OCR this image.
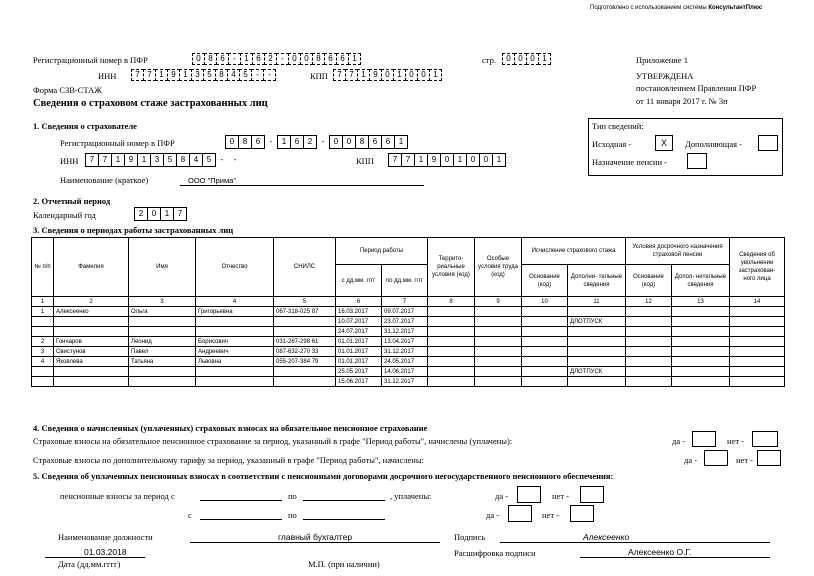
Подготовлено с использованием системы КонсультантПлюс
Регистрационный номер в ПФР	0 8 6	-	1 6 2	-	0 0 8 6 6 1	стр.	0 0 0 1
ИНН	7 7 1 9 1 3 5 8 4 5	-	-	КПП	7 7 1 9 0 1 0 0 1
Форма СЗВ-СТАЖ
Сведения о страховом стаже застрахованных лиц
Приложение 1
УТВЕРЖДЕНА
постановлением Правления ПФР
от 11 января 2017 г. № 3п
1. Сведения о страхователе
Регистрационный номер в ПФР	0	8	6	-	1	6	2	-	0	0	8	6	6	1
ИНН	7	7	1	9	1	3	5	8	4	5	-	-	КПП	7	7	1	9	0	1	0	0	1
Наименование (краткое)	ООО "Прима"
Тип сведений:
Исходная -	X	Дополняющая -
Назначение пенсии -
2. Отчетный период
Календарный год	2	0	1	7
3. Сведения о периодах работы застрахованных лиц
№ п/п	Фамилия	Имя	Отчество	СНИЛС	Период работы		Террито- риальные условия (код)	Особые условия труда (код)	Исчисление страхового стажа		Условия досрочного назначения страховой пенсии		Сведения об увольнении застрахован- ного лица
					с дд.мм. гггг	по дд.мм. гггг			Основание (код)	Дополни- тельные сведения	Основание (код)	Допол- нительные сведения	
1	2	3	4	5	6	7	8	9	10	11	12	13	14
1	Алексеенко	Ольга	Григорьевна	067-318-025 87	16.03.2017	09.07.2017							
					10.07.2017	23.07.2017				ДЛОТПУСК			
					24.07.2017	31.12.2017							
2	Гончаров	Леонид	Борисович	031-267-298 61	01.01.2017	13.04.2017							
3	Свистунов	Павел	Андреевич	087-632-270 33	01.01.2017	31.12.2017							
4	Яковлева	Татьяна	Львовна	055-207-384 79	01.01.2017	24.05.2017							
					25.05.2017	14.06.2017				ДЛОТПУСК			
					15.06.2017	31.12.2017							
4. Сведения о начисленных (уплаченных) страховых взносах на обязательное пенсионное страхование
Страховые взносы на обязательное пенсионное страхование за период, указанный в графе "Период работы", начислены (уплачены):	да -	нет -
Страховые взносы по дополнительному тарифу за период, указанный в графе "Период работы", начислены:	да -	нет -
5. Сведения об уплаченных пенсионных взносах в соответствии с пенсионными договорами досрочного негосударственного пенсионного обеспечения:
пенсионные взносы за период с	по	, уплачены:	да -	нет -
с	по	да -	нет -
Наименование должности	главный бухгалтер	Подпись	Алексеенко
01.03.2018
Дата (дд.мм.гггг)	М.П. (при наличии)
Расшифровка подписи	Алексеенко О.Г.
